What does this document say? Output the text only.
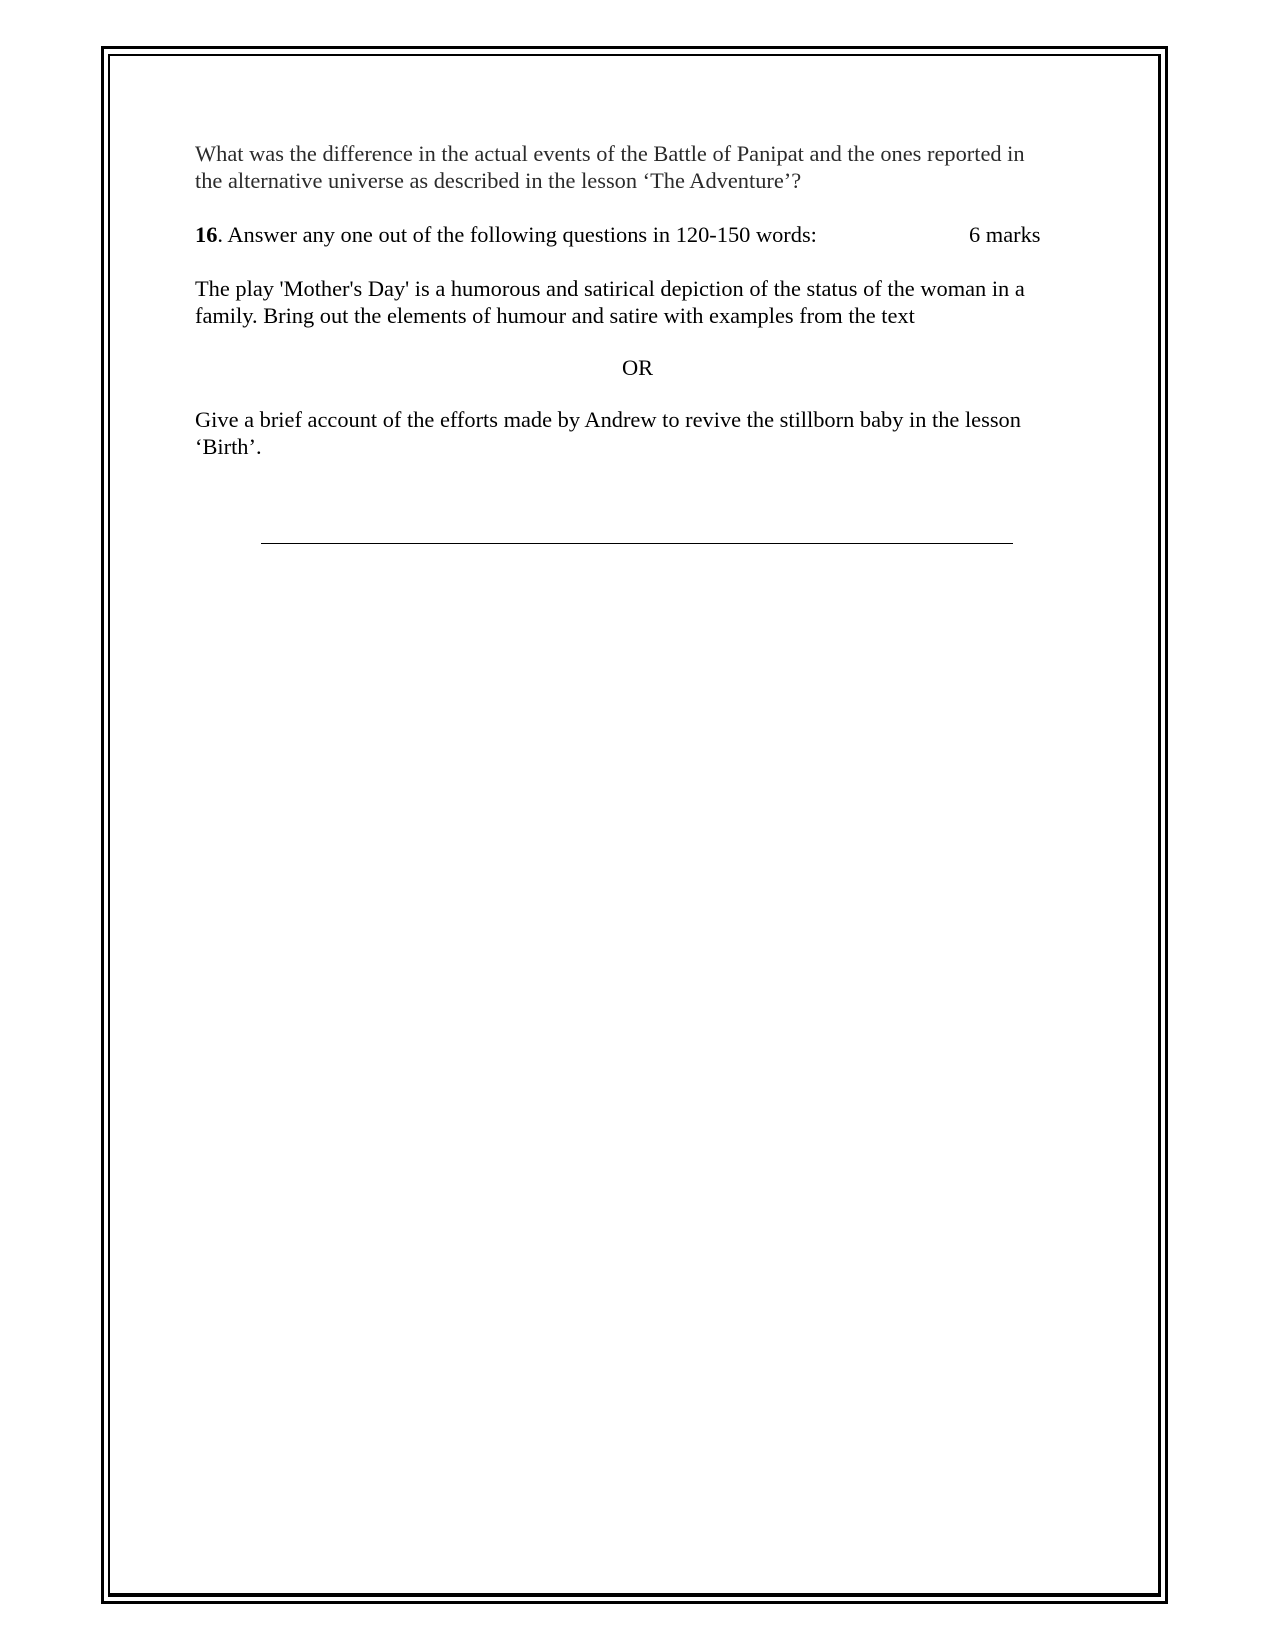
What was the difference in the actual events of the Battle of Panipat and the ones reported in
the alternative universe as described in the lesson ‘The Adventure’?

16. Answer any one out of the following questions in 120-150 words:	6 marks

The play 'Mother's Day' is a humorous and satirical depiction of the status of the woman in a
family. Bring out the elements of humour and satire with examples from the text

OR

Give a brief account of the efforts made by Andrew to revive the stillborn baby in the lesson
‘Birth’.
